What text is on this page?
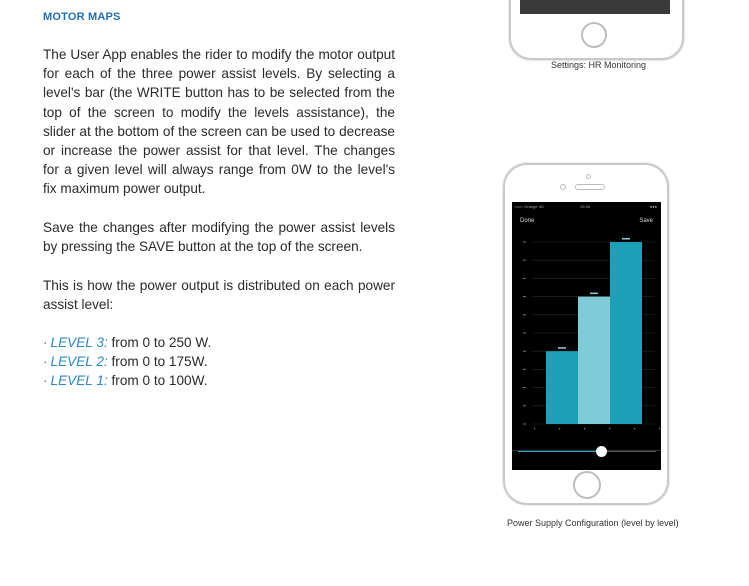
MOTOR MAPS

The User App enables the rider to modify the motor output for each of the three power assist levels. By selecting a level's bar (the WRITE button has to be selected from the top of the screen to modify the levels assistance), the slider at the bottom of the screen can be used to decrease or increase the power assist for that level. The changes for a given level will always range from 0W to the level's fix maximum power output.

Save the changes after modifying the power assist levels by pressing the SAVE button at the top of the screen.

This is how the power output is distributed on each power assist level:

· LEVEL 3: from 0 to 250 W.
· LEVEL 2: from 0 to 175W.
· LEVEL 1: from 0 to 100W.
Settings: HR Monitoring
••••○ Orange 4G	19:46	●●●
Done	Save
Power Supply Configuration (level by level)
